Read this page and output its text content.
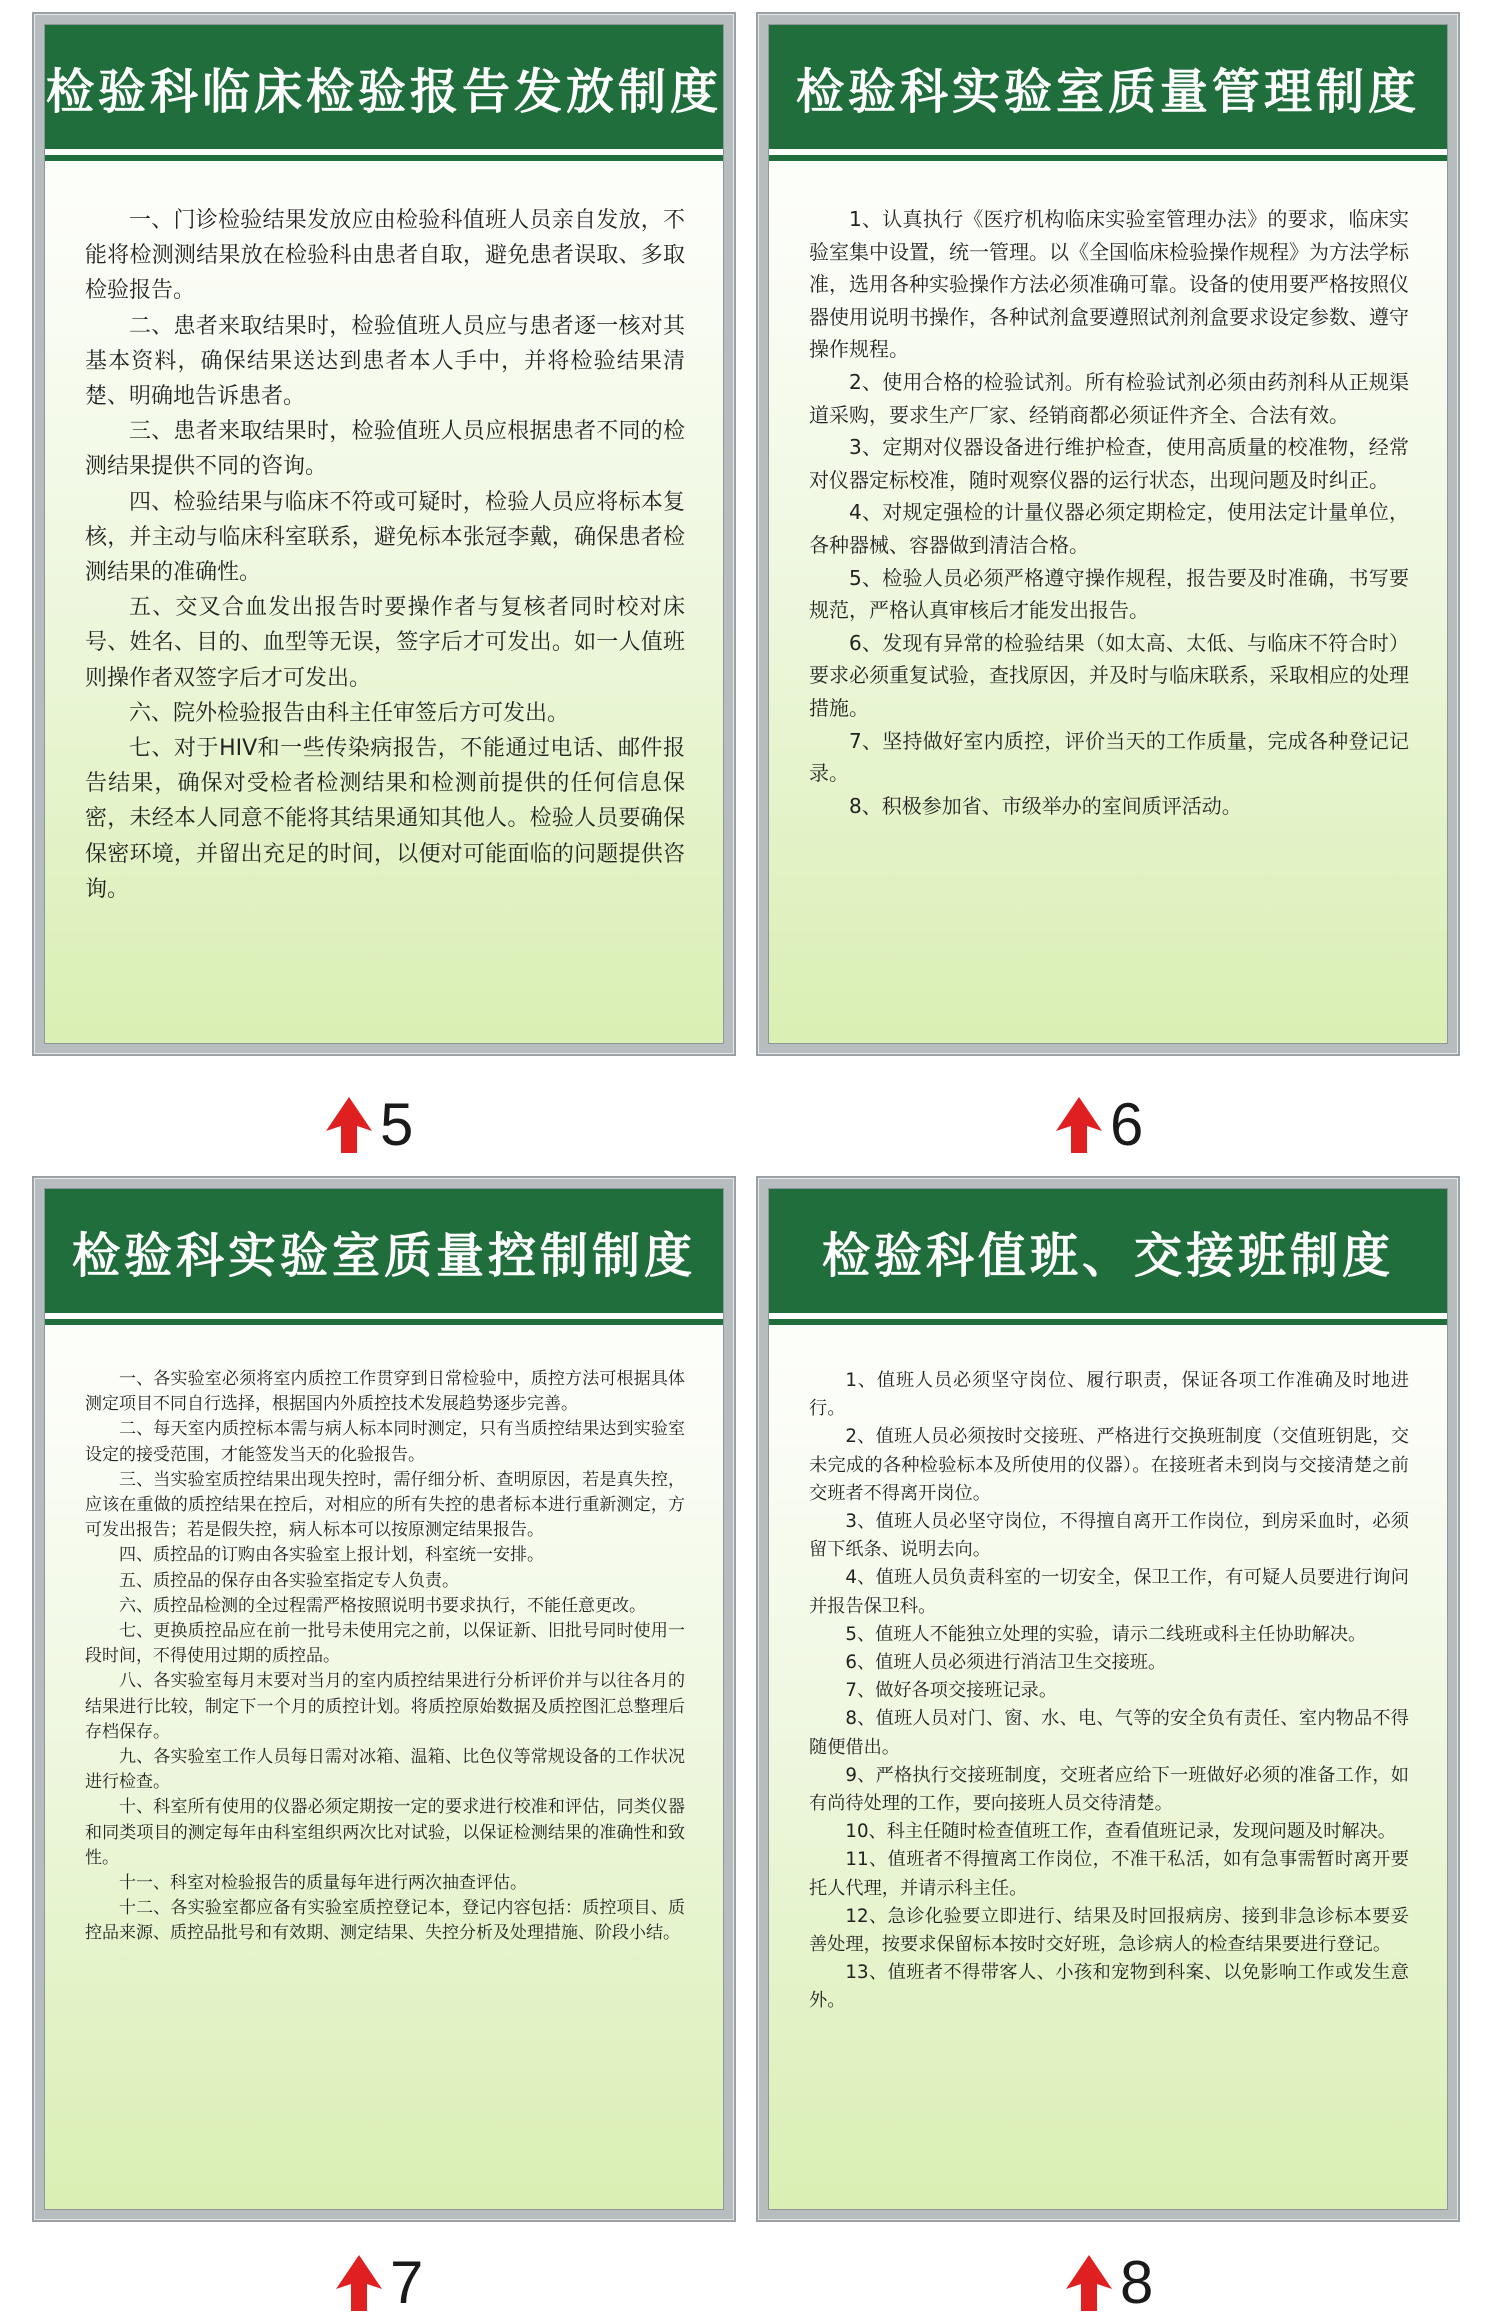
检验科临床检验报告发放制度

一、门诊检验结果发放应由检验科值班人员亲自发放，不能将检测测结果放在检验科由患者自取，避免患者误取、多取检验报告。

二、患者来取结果时，检验值班人员应与患者逐一核对其基本资料，确保结果送达到患者本人手中，并将检验结果清楚、明确地告诉患者。

三、患者来取结果时，检验值班人员应根据患者不同的检测结果提供不同的咨询。

四、检验结果与临床不符或可疑时，检验人员应将标本复核，并主动与临床科室联系，避免标本张冠李戴，确保患者检测结果的准确性。

五、交叉合血发出报告时要操作者与复核者同时校对床号、姓名、目的、血型等无误，签字后才可发出。如一人值班则操作者双签字后才可发出。

六、院外检验报告由科主任审签后方可发出。

七、对于HIV和一些传染病报告，不能通过电话、邮件报告结果，确保对受检者检测结果和检测前提供的任何信息保密，未经本人同意不能将其结果通知其他人。检验人员要确保保密环境，并留出充足的时间，以便对可能面临的问题提供咨询。

检验科实验室质量管理制度

1、认真执行《医疗机构临床实验室管理办法》的要求，临床实验室集中设置，统一管理。以《全国临床检验操作规程》为方法学标准，选用各种实验操作方法必须准确可靠。设备的使用要严格按照仪器使用说明书操作，各种试剂盒要遵照试剂剂盒要求设定参数、遵守操作规程。

2、使用合格的检验试剂。所有检验试剂必须由药剂科从正规渠道采购，要求生产厂家、经销商都必须证件齐全、合法有效。

3、定期对仪器设备进行维护检查，使用高质量的校准物，经常对仪器定标校准，随时观察仪器的运行状态，出现问题及时纠正。

4、对规定强检的计量仪器必须定期检定，使用法定计量单位，各种器械、容器做到清洁合格。

5、检验人员必须严格遵守操作规程，报告要及时准确，书写要规范，严格认真审核后才能发出报告。

6、发现有异常的检验结果（如太高、太低、与临床不符合时）要求必须重复试验，查找原因，并及时与临床联系，采取相应的处理措施。

7、坚持做好室内质控，评价当天的工作质量，完成各种登记记录。

8、积极参加省、市级举办的室间质评活动。

5	6
检验科实验室质量控制制度

一、各实验室必须将室内质控工作贯穿到日常检验中，质控方法可根据具体测定项目不同自行选择，根据国内外质控技术发展趋势逐步完善。

二、每天室内质控标本需与病人标本同时测定，只有当质控结果达到实验室设定的接受范围，才能签发当天的化验报告。

三、当实验室质控结果出现失控时，需仔细分析、查明原因，若是真失控，应该在重做的质控结果在控后，对相应的所有失控的患者标本进行重新测定，方可发出报告；若是假失控，病人标本可以按原测定结果报告。

四、质控品的订购由各实验室上报计划，科室统一安排。

五、质控品的保存由各实验室指定专人负责。

六、质控品检测的全过程需严格按照说明书要求执行，不能任意更改。

七、更换质控品应在前一批号未使用完之前，以保证新、旧批号同时使用一段时间，不得使用过期的质控品。

八、各实验室每月末要对当月的室内质控结果进行分析评价并与以往各月的结果进行比较，制定下一个月的质控计划。将质控原始数据及质控图汇总整理后存档保存。

九、各实验室工作人员每日需对冰箱、温箱、比色仪等常规设备的工作状况进行检查。

十、科室所有使用的仪器必须定期按一定的要求进行校准和评估，同类仪器和同类项目的测定每年由科室组织两次比对试验，以保证检测结果的准确性和致性。

十一、科室对检验报告的质量每年进行两次抽查评估。

十二、各实验室都应备有实验室质控登记本，登记内容包括：质控项目、质控品来源、质控品批号和有效期、测定结果、失控分析及处理措施、阶段小结。

检验科值班、交接班制度

1、值班人员必须坚守岗位、履行职责，保证各项工作准确及时地进行。

2、值班人员必须按时交接班、严格进行交换班制度（交值班钥匙，交未完成的各种检验标本及所使用的仪器）。在接班者未到岗与交接清楚之前交班者不得离开岗位。

3、值班人员必坚守岗位，不得擅自离开工作岗位，到房采血时，必须留下纸条、说明去向。

4、值班人员负责科室的一切安全，保卫工作，有可疑人员要进行询问并报告保卫科。

5、值班人不能独立处理的实验，请示二线班或科主任协助解决。

6、值班人员必须进行消洁卫生交接班。

7、做好各项交接班记录。

8、值班人员对门、窗、水、电、气等的安全负有责任、室内物品不得随便借出。

9、严格执行交接班制度，交班者应给下一班做好必须的准备工作，如有尚待处理的工作，要向接班人员交待清楚。

10、科主任随时检查值班工作，查看值班记录，发现问题及时解决。

11、值班者不得擅离工作岗位，不准干私活，如有急事需暂时离开要托人代理，并请示科主任。

12、急诊化验要立即进行、结果及时回报病房、接到非急诊标本要妥善处理，按要求保留标本按时交好班，急诊病人的检查结果要进行登记。

13、值班者不得带客人、小孩和宠物到科案、以免影响工作或发生意外。

7	8
